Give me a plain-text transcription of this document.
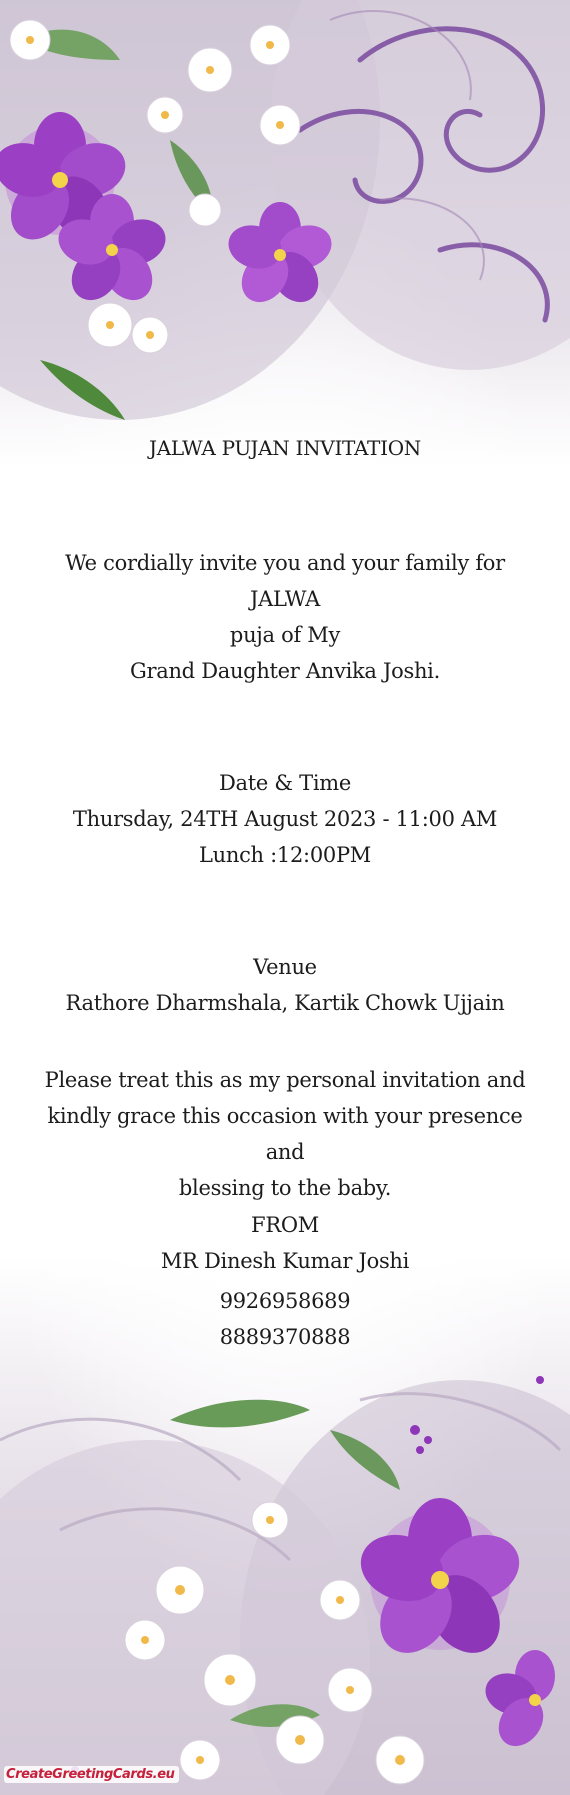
JALWA PUJAN INVITATION
We cordially invite you and your family for JALWA
puja of My
Grand Daughter Anvika Joshi.
Date & Time
Thursday, 24TH August 2023 - 11:00 AM
Lunch :12:00PM
Venue
Rathore Dharmshala, Kartik Chowk Ujjain
Please treat this as my personal invitation and
kindly grace this occasion with your presence and
blessing to the baby.
FROM
MR Dinesh Kumar Joshi
9926958689
8889370888
CreateGreetingCards.eu
